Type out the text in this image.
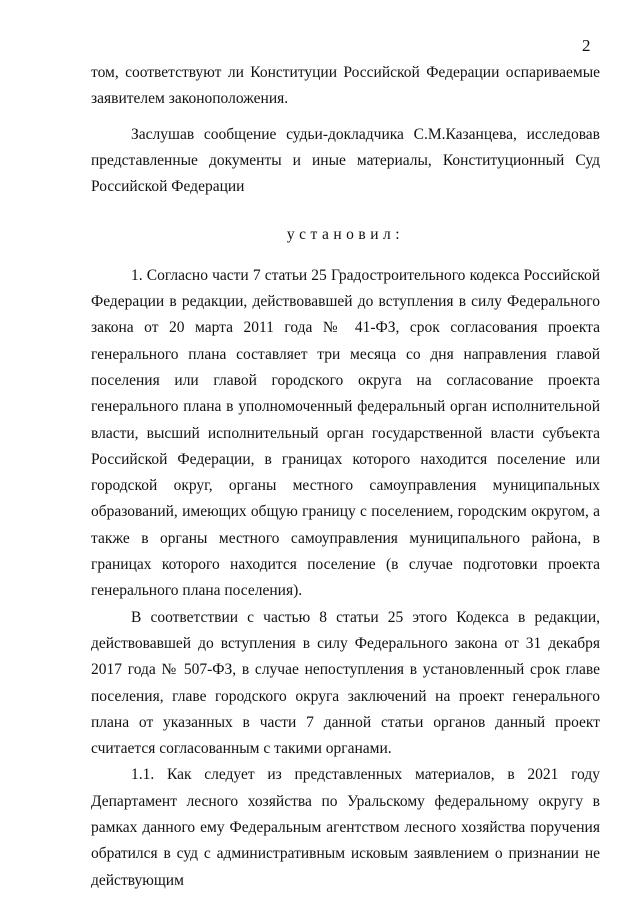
2

том, соответствуют ли Конституции Российской Федерации оспариваемые заявителем законоположения.

Заслушав сообщение судьи-докладчика С.М.Казанцева, исследовав представленные документы и иные материалы, Конституционный Суд Российской Федерации

установил:

1. Согласно части 7 статьи 25 Градостроительного кодекса Российской Федерации в редакции, действовавшей до вступления в силу Федерального закона от 20 марта 2011 года № 41-ФЗ, срок согласования проекта генерального плана составляет три месяца со дня направления главой поселения или главой городского округа на согласование проекта генерального плана в уполномоченный федеральный орган исполнительной власти, высший исполнительный орган государственной власти субъекта Российской Федерации, в границах которого находится поселение или городской округ, органы местного самоуправления муниципальных образований, имеющих общую границу с поселением, городским округом, а также в органы местного самоуправления муниципального района, в границах которого находится поселение (в случае подготовки проекта генерального плана поселения).

В соответствии с частью 8 статьи 25 этого Кодекса в редакции, действовавшей до вступления в силу Федерального закона от 31 декабря 2017 года № 507-ФЗ, в случае непоступления в установленный срок главе поселения, главе городского округа заключений на проект генерального плана от указанных в части 7 данной статьи органов данный проект считается согласованным с такими органами.

1.1. Как следует из представленных материалов, в 2021 году Департамент лесного хозяйства по Уральскому федеральному округу в рамках данного ему Федеральным агентством лесного хозяйства поручения обратился в суд с административным исковым заявлением о признании не действующим
